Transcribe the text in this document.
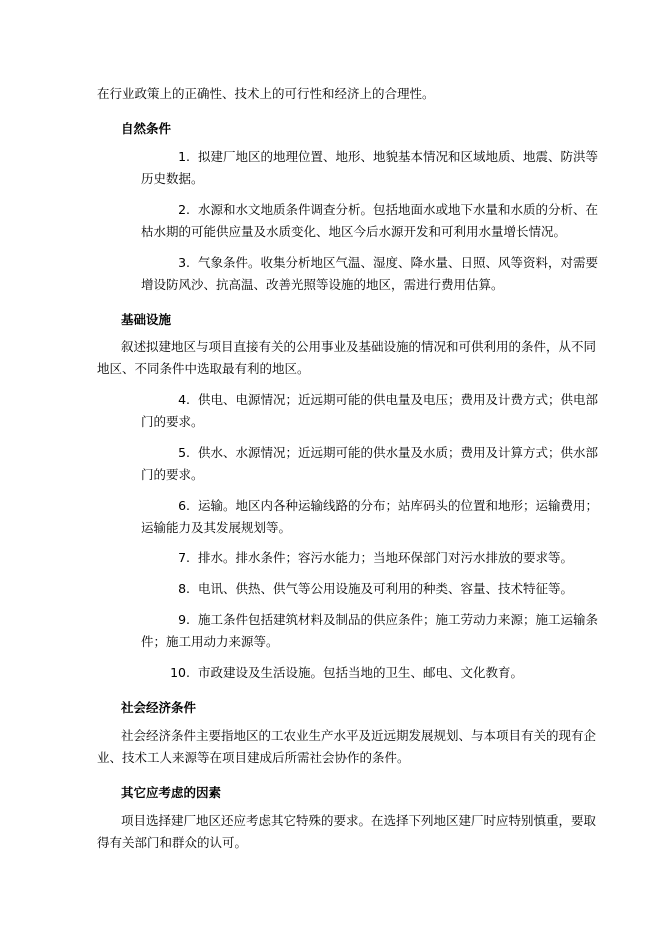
在行业政策上的正确性、技术上的可行性和经济上的合理性。

自然条件

1. 拟建厂地区的地理位置、地形、地貌基本情况和区域地质、地震、防洪等

历史数据。

2. 水源和水文地质条件调查分析。包括地面水或地下水量和水质的分析、在

枯水期的可能供应量及水质变化、地区今后水源开发和可利用水量增长情况。

3. 气象条件。收集分析地区气温、湿度、降水量、日照、风等资料，对需要

增设防风沙、抗高温、改善光照等设施的地区，需进行费用估算。

基础设施

叙述拟建地区与项目直接有关的公用事业及基础设施的情况和可供利用的条件，从不同

地区、不同条件中选取最有利的地区。

4. 供电、电源情况；近远期可能的供电量及电压；费用及计费方式；供电部

门的要求。

5. 供水、水源情况；近远期可能的供水量及水质；费用及计算方式；供水部

门的要求。

6. 运输。地区内各种运输线路的分布；站库码头的位置和地形；运输费用；

运输能力及其发展规划等。

7. 排水。排水条件；容污水能力；当地环保部门对污水排放的要求等。

8. 电讯、供热、供气等公用设施及可利用的种类、容量、技术特征等。

9. 施工条件包括建筑材料及制品的供应条件；施工劳动力来源；施工运输条

件；施工用动力来源等。

10. 市政建设及生活设施。包括当地的卫生、邮电、文化教育。

社会经济条件

社会经济条件主要指地区的工农业生产水平及近远期发展规划、与本项目有关的现有企

业、技术工人来源等在项目建成后所需社会协作的条件。

其它应考虑的因素

项目选择建厂地区还应考虑其它特殊的要求。在选择下列地区建厂时应特别慎重，要取

得有关部门和群众的认可。
